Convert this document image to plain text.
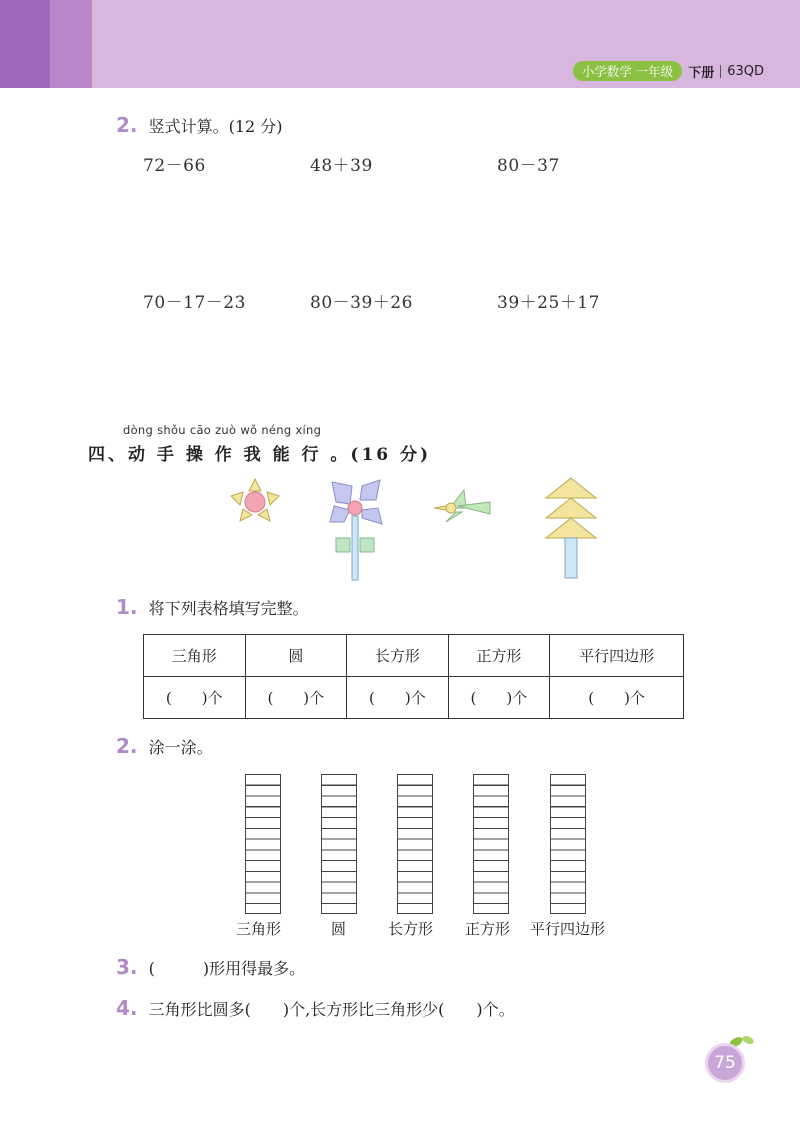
小学数学 一年级	下册 63QD
2. 竖式计算。(12 分)
72－66	48＋39	80－37
70－17－23	80－39＋26	39＋25＋17
dòng shǒu cāo zuò wǒ néng xíng
四、动 手 操 作 我 能 行 。(16 分)
1. 将下列表格填写完整。
三角形	圆	长方形	正方形	平行四边形
(　　)个	(　　)个	(　　)个	(　　)个	(　　)个
2. 涂一涂。
三角形	圆	长方形 正方形 平行四边形
3. (　　　)形用得最多。
4. 三角形比圆多(　　)个,长方形比三角形少(　　)个。
75
